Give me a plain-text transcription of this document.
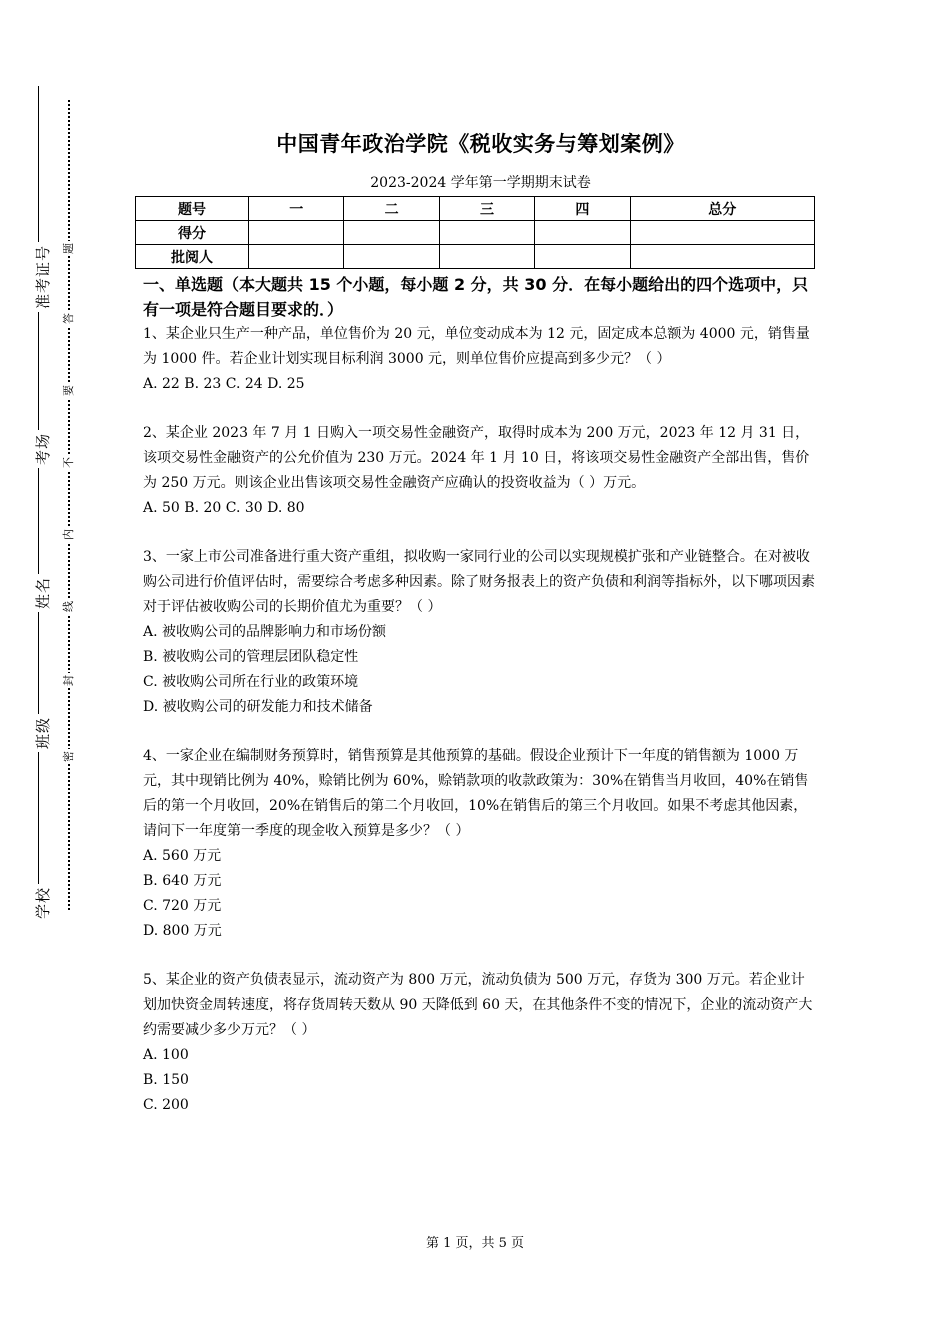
学校
班级
姓名
考场
准考证号
密
封
线
内
不
要
答
题
中国青年政治学院《税收实务与筹划案例》

2023-2024 学年第一学期期末试卷

题号	一	二	三	四	总分
得分					
批阅人					

一、单选题（本大题共 15 个小题，每小题 2 分，共 30 分．在每小题给出的四个选项中，只有一项是符合题目要求的．）

1、某企业只生产一种产品，单位售价为 20 元，单位变动成本为 12 元，固定成本总额为 4000 元，销售量为 1000 件。若企业计划实现目标利润 3000 元，则单位售价应提高到多少元？（ ）

A. 22 B. 23 C. 24 D. 25

2、某企业 2023 年 7 月 1 日购入一项交易性金融资产，取得时成本为 200 万元，2023 年 12 月 31 日，该项交易性金融资产的公允价值为 230 万元。2024 年 1 月 10 日，将该项交易性金融资产全部出售，售价为 250 万元。则该企业出售该项交易性金融资产应确认的投资收益为（ ）万元。

A. 50 B. 20 C. 30 D. 80

3、一家上市公司准备进行重大资产重组，拟收购一家同行业的公司以实现规模扩张和产业链整合。在对被收购公司进行价值评估时，需要综合考虑多种因素。除了财务报表上的资产负债和利润等指标外，以下哪项因素对于评估被收购公司的长期价值尤为重要？（ ）

A. 被收购公司的品牌影响力和市场份额

B. 被收购公司的管理层团队稳定性

C. 被收购公司所在行业的政策环境

D. 被收购公司的研发能力和技术储备

4、一家企业在编制财务预算时，销售预算是其他预算的基础。假设企业预计下一年度的销售额为 1000 万元，其中现销比例为 40%，赊销比例为 60%，赊销款项的收款政策为：30%在销售当月收回，40%在销售后的第一个月收回，20%在销售后的第二个月收回，10%在销售后的第三个月收回。如果不考虑其他因素，请问下一年度第一季度的现金收入预算是多少？（ ）

A. 560 万元

B. 640 万元

C. 720 万元

D. 800 万元

5、某企业的资产负债表显示，流动资产为 800 万元，流动负债为 500 万元，存货为 300 万元。若企业计划加快资金周转速度，将存货周转天数从 90 天降低到 60 天，在其他条件不变的情况下，企业的流动资产大约需要减少多少万元？（ ）

A. 100

B. 150

C. 200

第 1 页，共 5 页
